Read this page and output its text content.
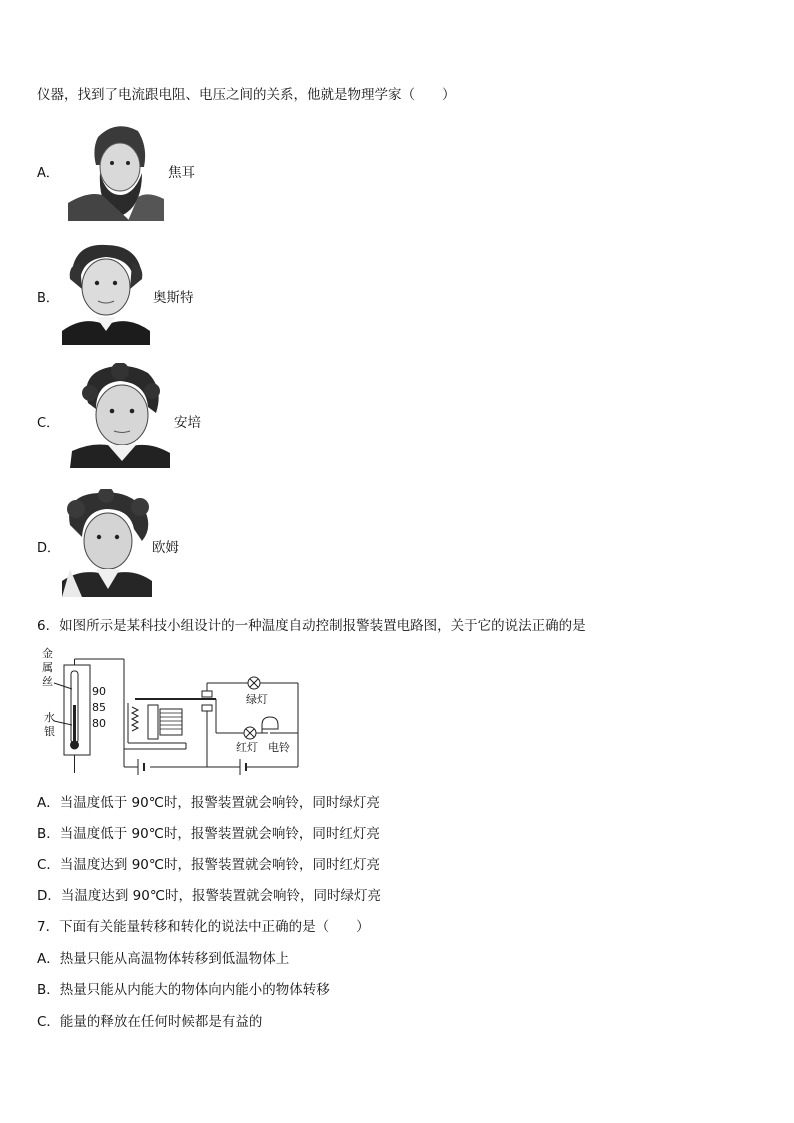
仪器，找到了电流跟电阻、电压之间的关系，他就是物理学家（　　）
A．	焦耳
B．	奥斯特
C．	安培
D．	欧姆
6．如图所示是某科技小组设计的一种温度自动控制报警装置电路图，关于它的说法正确的是
金
属
丝
水
银
90
85
80
绿灯
红灯 电铃
A．当温度低于 90℃时，报警装置就会响铃，同时绿灯亮
B．当温度低于 90℃时，报警装置就会响铃，同时红灯亮
C．当温度达到 90℃时，报警装置就会响铃，同时红灯亮
D．当温度达到 90℃时，报警装置就会响铃，同时绿灯亮
7．下面有关能量转移和转化的说法中正确的是（　　）
A．热量只能从高温物体转移到低温物体上
B．热量只能从内能大的物体向内能小的物体转移
C．能量的释放在任何时候都是有益的
